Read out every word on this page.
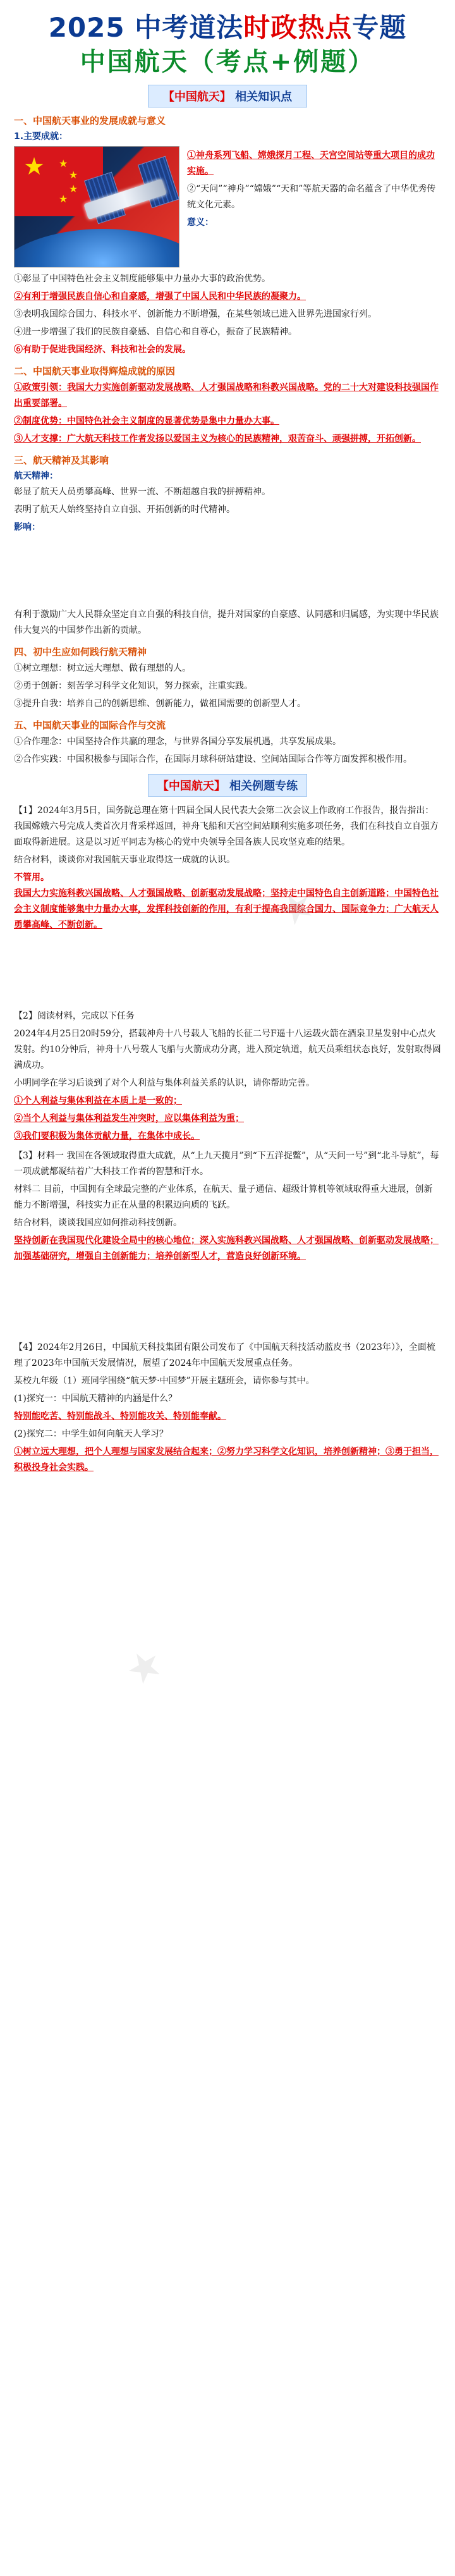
★
★
2025 中考道法时政热点专题
中国航天（考点+例题）
【中国航天】 相关知识点
一、中国航天事业的发展成就与意义
1.主要成就：
★ ★
★
★
★

①神舟系列飞船、嫦娥探月工程、天宫空间站等重大项目的成功实施。

②“天问”“神舟”“嫦娥”“天和”等航天器的命名蕴含了中华优秀传统文化元素。

意义：

①彰显了中国特色社会主义制度能够集中力量办大事的政治优势。

②有利于增强民族自信心和自豪感，增强了中国人民和中华民族的凝聚力。

③表明我国综合国力、科技水平、创新能力不断增强，在某些领域已进入世界先进国家行列。

④进一步增强了我们的民族自豪感、自信心和自尊心，振奋了民族精神。

⑥有助于促进我国经济、科技和社会的发展。

二、中国航天事业取得辉煌成就的原因

①政策引领：我国大力实施创新驱动发展战略、人才强国战略和科教兴国战略。党的二十大对建设科技强国作出重要部署。

②制度优势：中国特色社会主义制度的显著优势是集中力量办大事。

③人才支撑：广大航天科技工作者发扬以爱国主义为核心的民族精神，艰苦奋斗、顽强拼搏，开拓创新。

三、航天精神及其影响
航天精神：

彰显了航天人员勇攀高峰、世界一流、不断超越自我的拼搏精神。

表明了航天人始终坚持自立自强、开拓创新的时代精神。

影响：

有利于激励广大人民群众坚定自立自强的科技自信，提升对国家的自豪感、认同感和归属感，为实现中华民族伟大复兴的中国梦作出新的贡献。

四、初中生应如何践行航天精神

①树立理想：树立远大理想、做有理想的人。

②勇于创新：刻苦学习科学文化知识，努力探索，注重实践。

③提升自我：培养自己的创新思维、创新能力，做祖国需要的创新型人才。

五、中国航天事业的国际合作与交流

①合作理念：中国坚持合作共赢的理念，与世界各国分享发展机遇，共享发展成果。

②合作实践：中国积极参与国际合作，在国际月球科研站建设、空间站国际合作等方面发挥积极作用。

【中国航天】 相关例题专练

【1】2024年3月5日，国务院总理在第十四届全国人民代表大会第二次会议上作政府工作报告，报告指出：我国嫦娥六号完成人类首次月背采样返回，神舟飞船和天宫空间站顺利实施多项任务，我们在科技自立自强方面取得新进展。这是以习近平同志为核心的党中央领导全国各族人民攻坚克难的结果。

结合材料，谈谈你对我国航天事业取得这一成就的认识。

不管用。

我国大力实施科教兴国战略、人才强国战略、创新驱动发展战略；坚持走中国特色自主创新道路；中国特色社会主义制度能够集中力量办大事，发挥科技创新的作用，有利于提高我国综合国力、国际竞争力；广大航天人勇攀高峰、不断创新。

【2】阅读材料，完成以下任务

2024年4月25日20时59分，搭载神舟十八号载人飞船的长征二号F遥十八运载火箭在酒泉卫星发射中心点火发射。约10分钟后，神舟十八号载人飞船与火箭成功分离，进入预定轨道，航天员乘组状态良好，发射取得圆满成功。

小明同学在学习后谈到了对个人利益与集体利益关系的认识，请你帮助完善。

①个人利益与集体利益在本质上是一致的；

②当个人利益与集体利益发生冲突时，应以集体利益为重；

③我们要积极为集体贡献力量，在集体中成长。

【3】材料一 我国在各领域取得重大成就，从“上九天揽月”到“下五洋捉鳖”，从“天问一号”到“北斗导航”，每一项成就都凝结着广大科技工作者的智慧和汗水。

材料二 目前，中国拥有全球最完整的产业体系，在航天、量子通信、超级计算机等领域取得重大进展，创新能力不断增强，科技实力正在从量的积累迈向质的飞跃。

结合材料，谈谈我国应如何推动科技创新。

坚持创新在我国现代化建设全局中的核心地位；深入实施科教兴国战略、人才强国战略、创新驱动发展战略；加强基础研究，增强自主创新能力；培养创新型人才，营造良好创新环境。

【4】2024年2月26日，中国航天科技集团有限公司发布了《中国航天科技活动蓝皮书（2023年）》，全面梳理了2023年中国航天发展情况，展望了2024年中国航天发展重点任务。

某校九年级（1）班同学围绕“航天梦·中国梦”开展主题班会，请你参与其中。

(1)探究一：中国航天精神的内涵是什么？

特别能吃苦、特别能战斗、特别能攻关、特别能奉献。

(2)探究二：中学生如何向航天人学习？

①树立远大理想，把个人理想与国家发展结合起来；②努力学习科学文化知识，培养创新精神；③勇于担当，积极投身社会实践。
